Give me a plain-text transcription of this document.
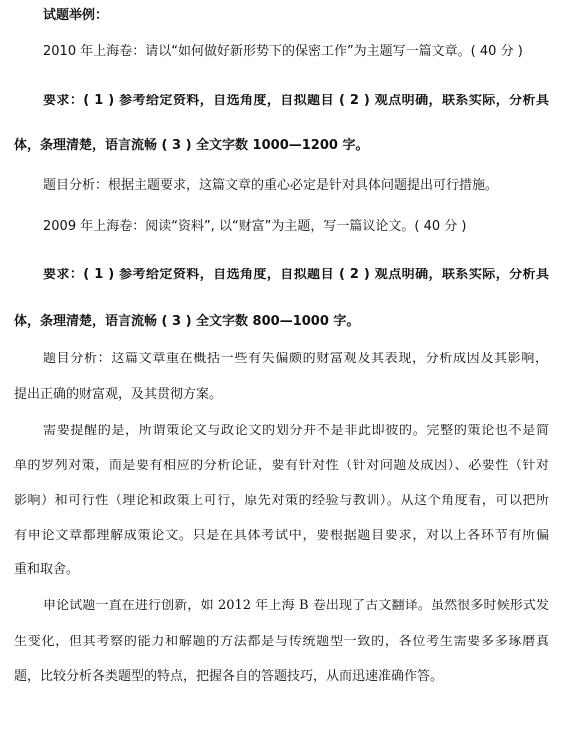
试题举例：
2010 年上海卷：请以“如何做好新形势下的保密工作”为主题写一篇文章。( 40 分 )
要求：( 1 ) 参考给定资料，自选角度，自拟题目 ( 2 ) 观点明确，联系实际，分析具
体，条理清楚，语言流畅 ( 3 ) 全文字数 1000—1200 字。
题目分析：根据主题要求，这篇文章的重心必定是针对具体问题提出可行措施。
2009 年上海卷：阅读“资料”, 以“财富”为主题，写一篇议论文。( 40 分 )
要求：( 1 ) 参考给定资料，自选角度，自拟题目 ( 2 ) 观点明确，联系实际，分析具
体，条理清楚，语言流畅 ( 3 ) 全文字数 800—1000 字。
题目分析：这篇文章重在概括一些有失偏颇的财富观及其表现，分析成因及其影响，
提出正确的财富观，及其贯彻方案。
需要提醒的是，所谓策论文与政论文的划分并不是非此即彼的。完整的策论也不是简
单的罗列对策，而是要有相应的分析论证，要有针对性（针对问题及成因）、必要性（针对
影响）和可行性（理论和政策上可行，原先对策的经验与教训）。从这个角度看，可以把所
有申论文章都理解成策论文。只是在具体考试中，要根据题目要求，对以上各环节有所偏
重和取舍。
申论试题一直在进行创新，如 2012 年上海 B 卷出现了古文翻译。虽然很多时候形式发
生变化，但其考察的能力和解题的方法都是与传统题型一致的，各位考生需要多多琢磨真
题，比较分析各类题型的特点，把握各自的答题技巧，从而迅速准确作答。
